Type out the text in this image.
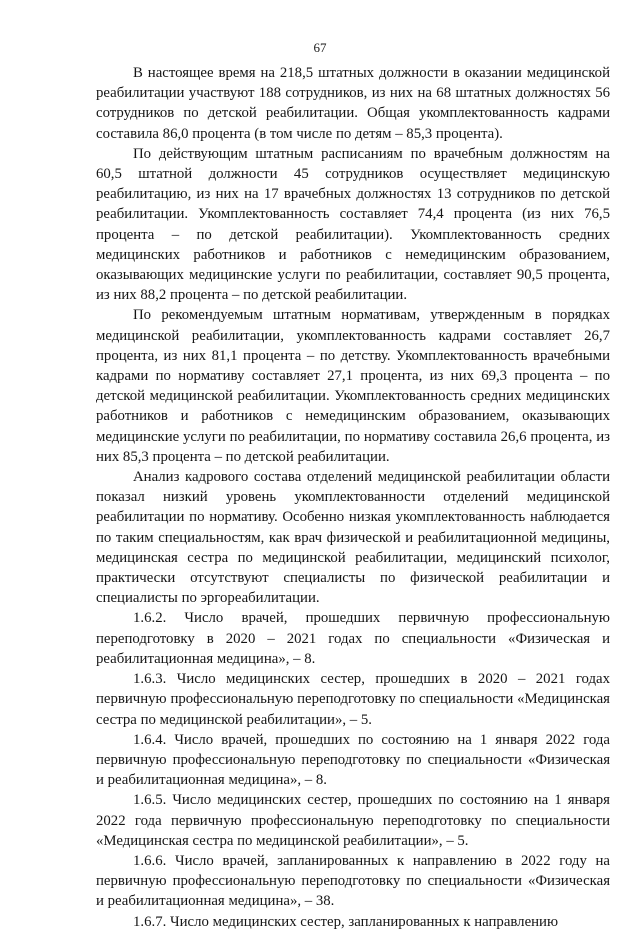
67

В настоящее время на 218,5 штатных должности в оказании медицинской реабилитации участвуют 188 сотрудников, из них на 68 штатных должностях 56 сотрудников по детской реабилитации. Общая укомплектованность кадрами составила 86,0 процента (в том числе по детям – 85,3 процента).

По действующим штатным расписаниям по врачебным должностям на 60,5 штатной должности 45 сотрудников осуществляет медицинскую реабилитацию, из них на 17 врачебных должностях 13 сотрудников по детской реабилитации. Укомплектованность составляет 74,4 процента (из них 76,5 процента – по детской реабилитации). Укомплектованность средних медицинских работников и работников с немедицинским образованием, оказывающих медицинские услуги по реабилитации, составляет 90,5 процента, из них 88,2 процента – по детской реабилитации.

По рекомендуемым штатным нормативам, утвержденным в порядках медицинской реабилитации, укомплектованность кадрами составляет 26,7 процента, из них 81,1 процента – по детству. Укомплектованность врачебными кадрами по нормативу составляет 27,1 процента, из них 69,3 процента – по детской медицинской реабилитации. Укомплектованность средних медицинских работников и работников с немедицинским образованием, оказывающих медицинские услуги по реабилитации, по нормативу составила 26,6 процента, из них 85,3 процента – по детской реабилитации.

Анализ кадрового состава отделений медицинской реабилитации области показал низкий уровень укомплектованности отделений медицинской реабилитации по нормативу. Особенно низкая укомплектованность наблюдается по таким специальностям, как врач физической и реабилитационной медицины, медицинская сестра по медицинской реабилитации, медицинский психолог, практически отсутствуют специалисты по физической реабилитации и специалисты по эргореабилитации.

1.6.2. Число врачей, прошедших первичную профессиональную переподготовку в 2020 – 2021 годах по специальности «Физическая и реабилитационная медицина», – 8.

1.6.3. Число медицинских сестер, прошедших в 2020 – 2021 годах первичную профессиональную переподготовку по специальности «Медицинская сестра по медицинской реабилитации», – 5.

1.6.4. Число врачей, прошедших по состоянию на 1 января 2022 года первичную профессиональную переподготовку по специальности «Физическая и реабилитационная медицина», – 8.

1.6.5. Число медицинских сестер, прошедших по состоянию на 1 января 2022 года первичную профессиональную переподготовку по специальности «Медицинская сестра по медицинской реабилитации», – 5.

1.6.6. Число врачей, запланированных к направлению в 2022 году на первичную профессиональную переподготовку по специальности «Физическая и реабилитационная медицина», – 38.

1.6.7. Число медицинских сестер, запланированных к направлению
